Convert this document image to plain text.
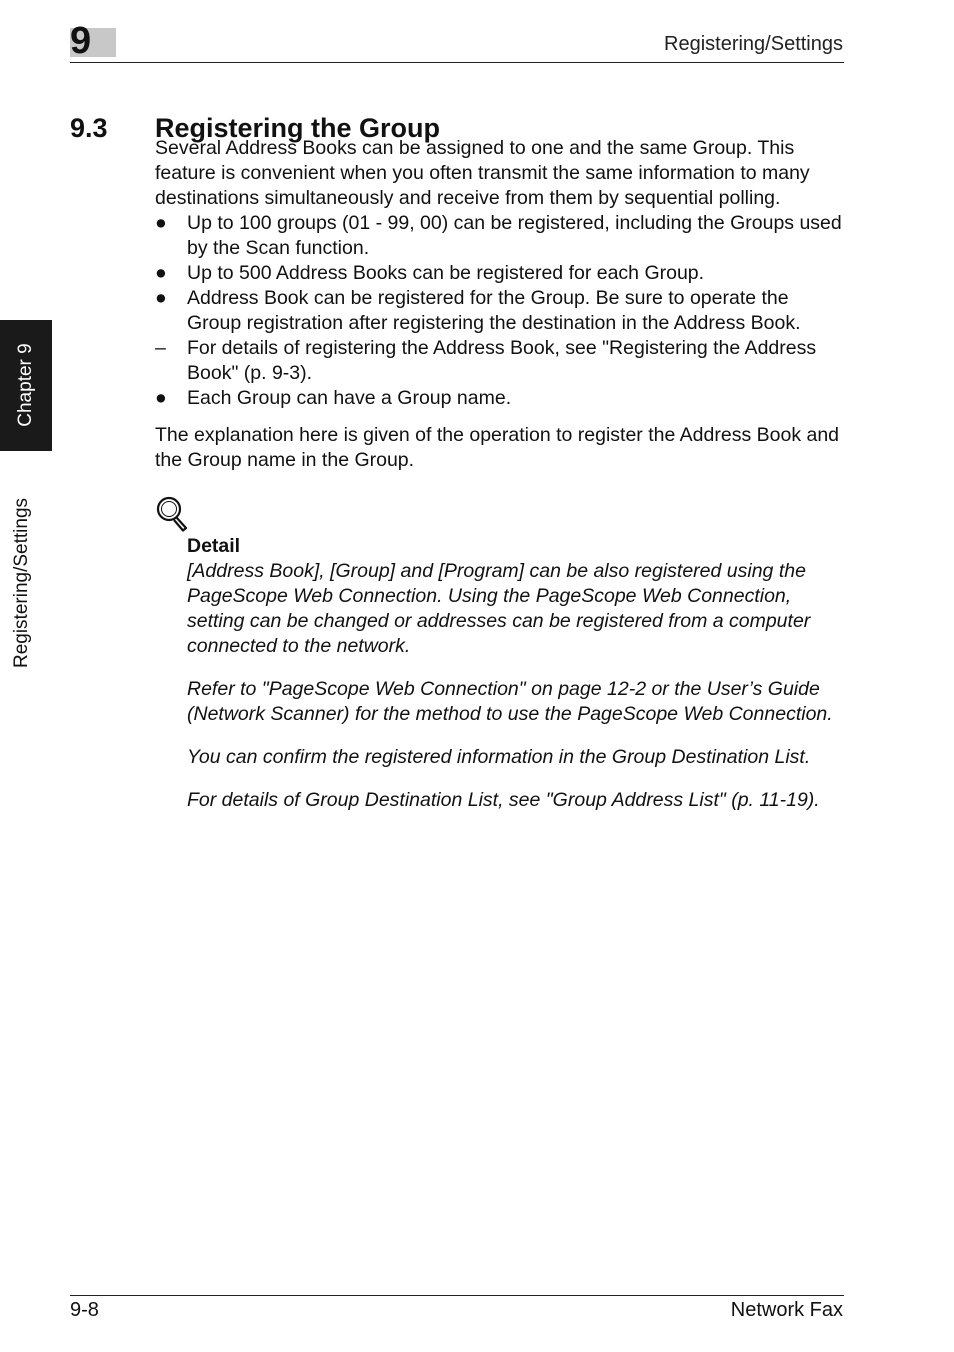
9	Registering/Settings
Chapter 9
Registering/Settings
9.3 Registering the Group

Several Address Books can be assigned to one and the same Group. This feature is convenient when you often transmit the same information to many destinations simultaneously and receive from them by sequential polling.

●	Up to 100 groups (01 - 99, 00) can be registered, including the Groups used by the Scan function.
●	Up to 500 Address Books can be registered for each Group.
●	Address Book can be registered for the Group. Be sure to operate the Group registration after registering the destination in the Address Book.
–	For details of registering the Address Book, see "Registering the Address Book" (p. 9-3).
●	Each Group can have a Group name.

The explanation here is given of the operation to register the Address Book and the Group name in the Group.

Detail

[Address Book], [Group] and [Program] can be also registered using the PageScope Web Connection. Using the PageScope Web Connection, setting can be changed or addresses can be registered from a computer connected to the network.

Refer to "PageScope Web Connection" on page 12-2 or the User’s Guide (Network Scanner) for the method to use the PageScope Web Connection.

You can confirm the registered information in the Group Destination List.

For details of Group Destination List, see "Group Address List" (p. 11-19).

9-8	Network Fax
